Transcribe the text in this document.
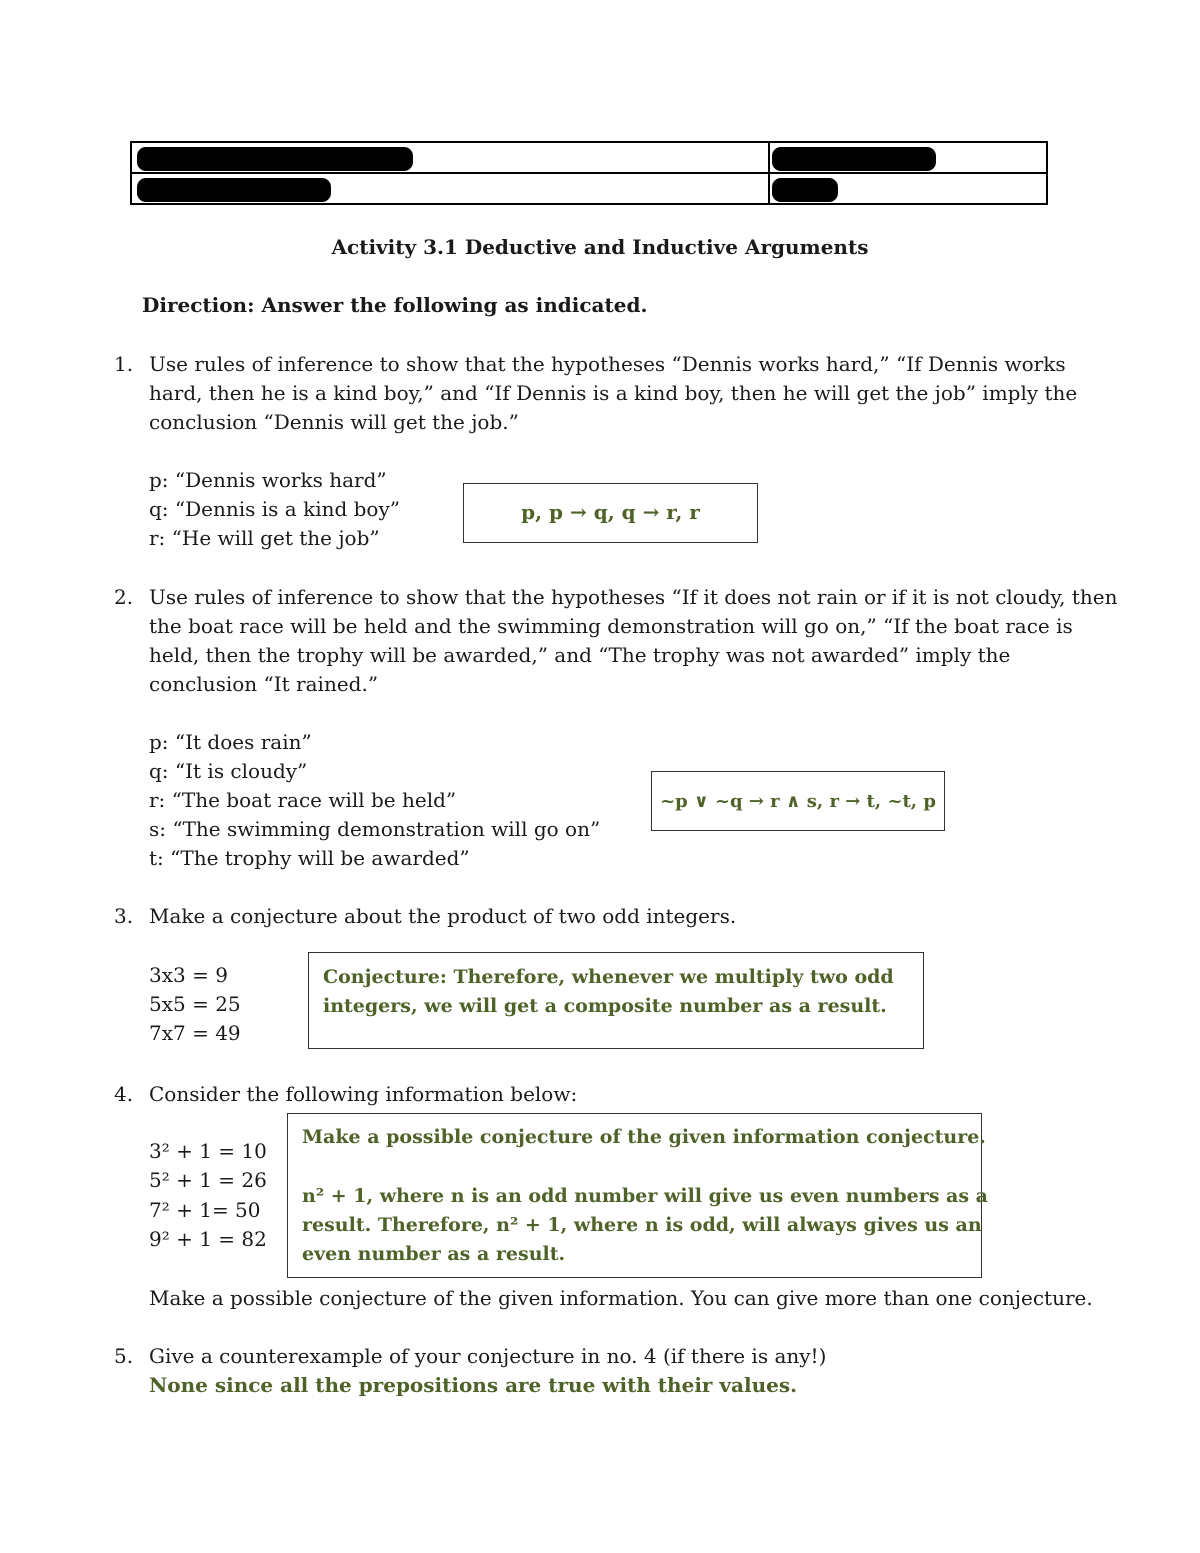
Activity 3.1 Deductive and Inductive Arguments
Direction: Answer the following as indicated.
1. Use rules of inference to show that the hypotheses “Dennis works hard,” “If Dennis works
hard, then he is a kind boy,” and “If Dennis is a kind boy, then he will get the job” imply the
conclusion “Dennis will get the job.”
p: “Dennis works hard”
q: “Dennis is a kind boy”
r: “He will get the job”
p, p → q, q → r, r
2. Use rules of inference to show that the hypotheses “If it does not rain or if it is not cloudy, then
the boat race will be held and the swimming demonstration will go on,” “If the boat race is
held, then the trophy will be awarded,” and “The trophy was not awarded” imply the
conclusion “It rained.”
p: “It does rain”
q: “It is cloudy”
r: “The boat race will be held”
s: “The swimming demonstration will go on”
t: “The trophy will be awarded”
~p ∨ ~q → r ∧ s, r → t, ~t, p
3. Make a conjecture about the product of two odd integers.
3x3 = 9
5x5 = 25
7x7 = 49
Conjecture: Therefore, whenever we multiply two odd
integers, we will get a composite number as a result.
4. Consider the following information below:
3² + 1 = 10
5² + 1 = 26
7² + 1= 50
9² + 1 = 82
Make a possible conjecture of the given information conjecture.
n² + 1, where n is an odd number will give us even numbers as a
result. Therefore, n² + 1, where n is odd, will always gives us an
even number as a result.
Make a possible conjecture of the given information. You can give more than one conjecture.
5. Give a counterexample of your conjecture in no. 4 (if there is any!)
None since all the prepositions are true with their values.
